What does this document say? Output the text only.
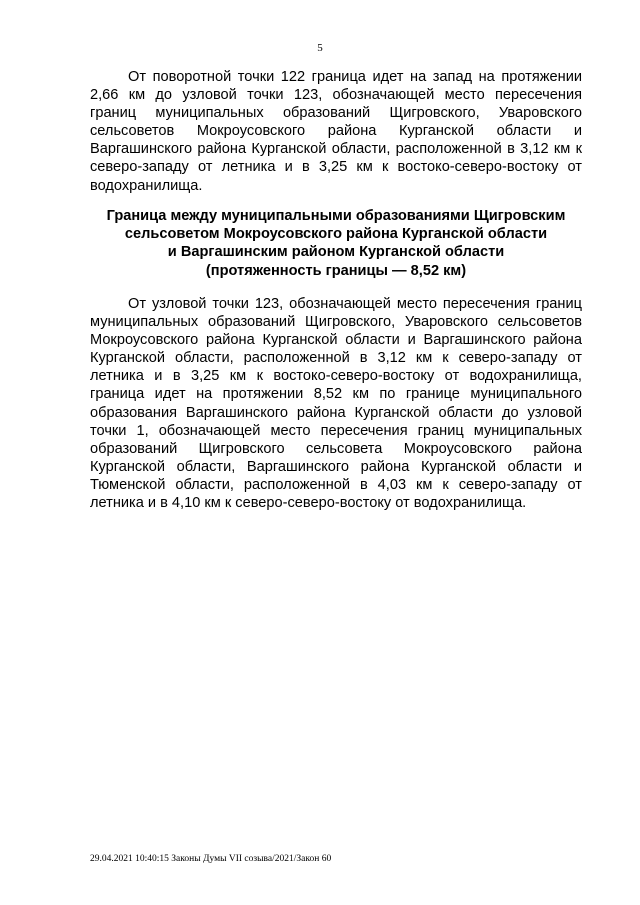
5

От поворотной точки 122 граница идет на запад на протяжении 2,66 км до узловой точки 123, обозначающей место пересечения границ муниципальных образований Щигровского, Уваровского сельсоветов Мокроусовского района Курганской области и Варгашинского района Курганской области, расположенной в 3,12 км к северо-западу от летника и в 3,25 км к востоко-северо-востоку от водохранилища.

Граница между муниципальными образованиями Щигровским
сельсоветом Мокроусовского района Курганской области
и Варгашинским районом Курганской области
(протяженность границы — 8,52 км)

От узловой точки 123, обозначающей место пересечения границ муниципальных образований Щигровского, Уваровского сельсоветов Мокроусовского района Курганской области и Варгашинского района Курганской области, расположенной в 3,12 км к северо-западу от летника и в 3,25 км к востоко-северо-востоку от водохранилища, граница идет на протяжении 8,52 км по границе муниципального образования Варгашинского района Курганской области до узловой точки 1, обозначающей место пересечения границ муниципальных образований Щигровского сельсовета Мокроусовского района Курганской области, Варгашинского района Курганской области и Тюменской области, расположенной в 4,03 км к северо-западу от летника и в 4,10 км к северо-северо-востоку от водохранилища.

29.04.2021 10:40:15 Законы Думы VII созыва/2021/Закон 60
